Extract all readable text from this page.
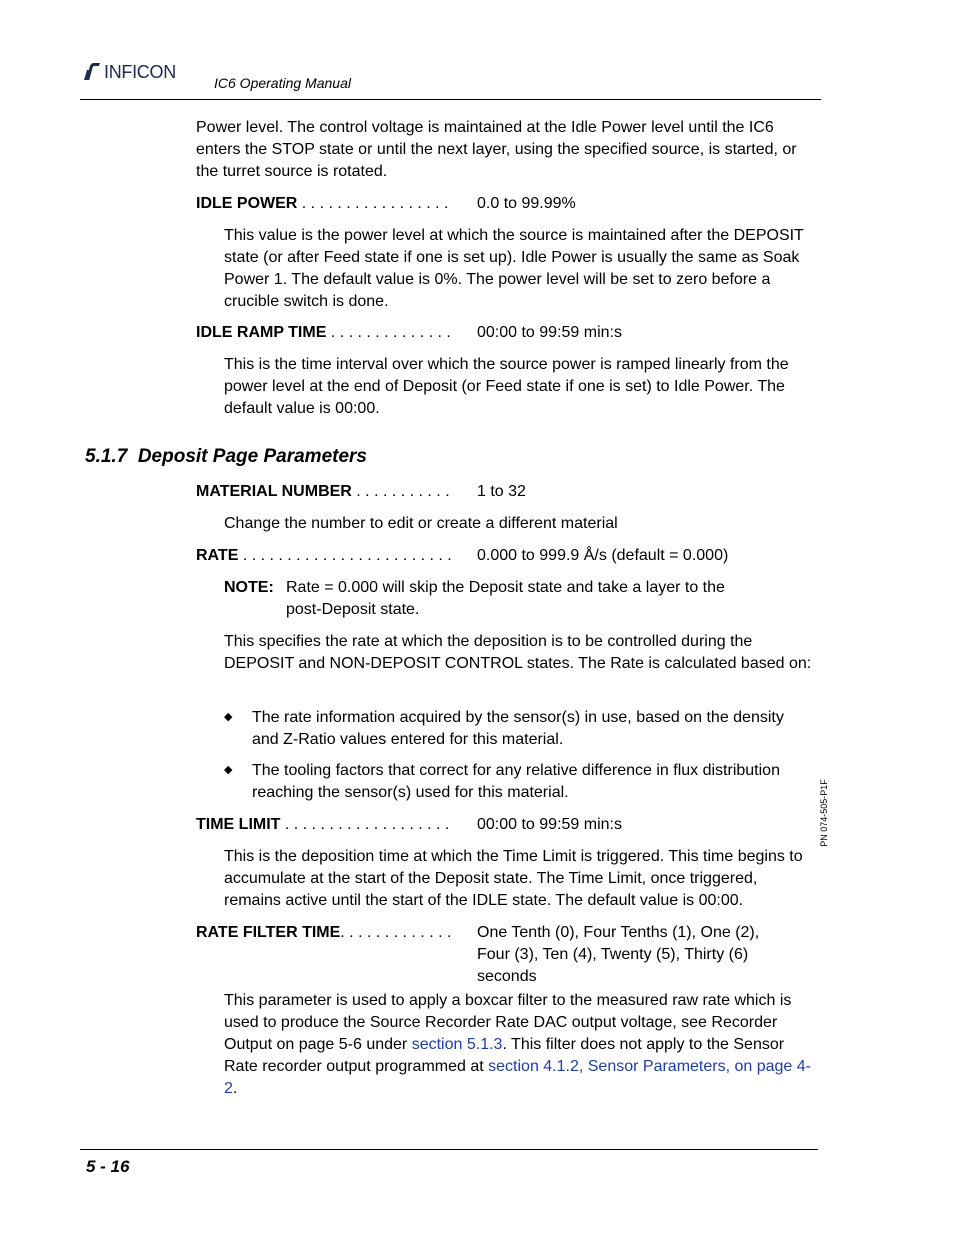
INFICON
IC6 Operating Manual

Power level. The control voltage is maintained at the Idle Power level until the IC6 enters the STOP state or until the next layer, using the specified source, is started, or the turret source is rotated.

IDLE POWER . . . . . . . . . . . . . . . . . 0.0 to 99.99%

This value is the power level at which the source is maintained after the DEPOSIT state (or after Feed state if one is set up). Idle Power is usually the same as Soak Power 1. The default value is 0%. The power level will be set to zero before a crucible switch is done.

IDLE RAMP TIME . . . . . . . . . . . . . . 00:00 to 99:59 min:s

This is the time interval over which the source power is ramped linearly from the power level at the end of Deposit (or Feed state if one is set) to Idle Power. The default value is 00:00.

5.1.7 Deposit Page Parameters
MATERIAL NUMBER . . . . . . . . . . . 1 to 32

Change the number to edit or create a different material

RATE . . . . . . . . . . . . . . . . . . . . . . . . 0.000 to 999.9 Å/s (default = 0.000)
NOTE: Rate = 0.000 will skip the Deposit state and take a layer to the
post-Deposit state.

This specifies the rate at which the deposition is to be controlled during the DEPOSIT and NON-DEPOSIT CONTROL states. The Rate is calculated based on:

◆ The rate information acquired by the sensor(s) in use, based on the density and Z-Ratio values entered for this material.
◆ The tooling factors that correct for any relative difference in flux distribution reaching the sensor(s) used for this material.
TIME LIMIT . . . . . . . . . . . . . . . . . . . 00:00 to 99:59 min:s

This is the deposition time at which the Time Limit is triggered. This time begins to accumulate at the start of the Deposit state. The Time Limit, once triggered, remains active until the start of the IDLE state. The default value is 00:00.

RATE FILTER TIME. . . . . . . . . . . . . One Tenth (0), Four Tenths (1), One (2), Four (3), Ten (4), Twenty (5), Thirty (6) seconds

This parameter is used to apply a boxcar filter to the measured raw rate which is used to produce the Source Recorder Rate DAC output voltage, see Recorder Output on page 5-6 under section 5.1.3. This filter does not apply to the Sensor Rate recorder output programmed at section 4.1.2, Sensor Parameters, on page 4-2.

5 - 16
PN 074-505-P1F
